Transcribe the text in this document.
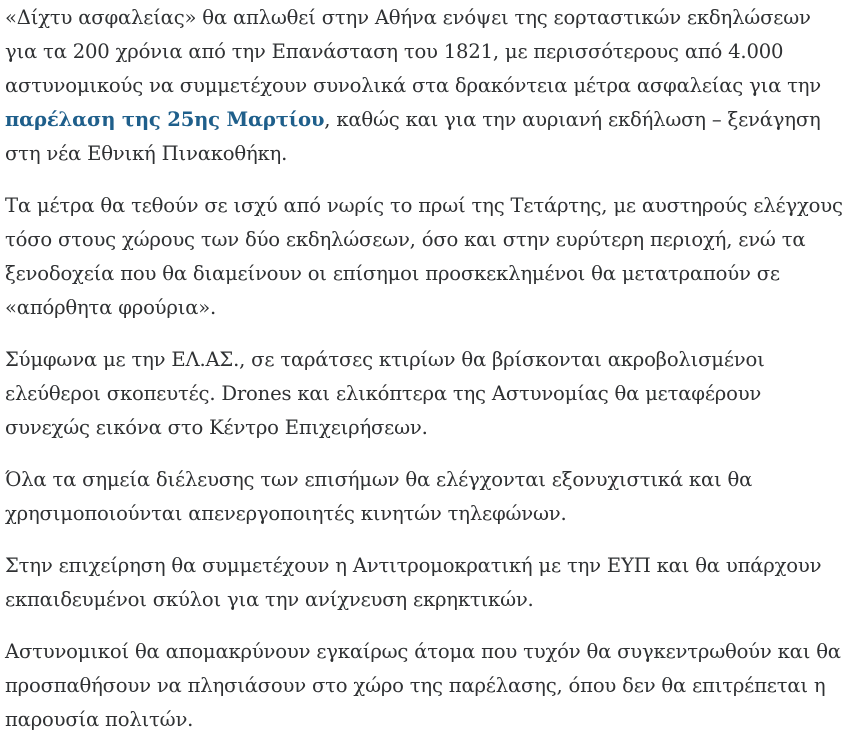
«Δίχτυ ασφαλείας» θα απλωθεί στην Αθήνα ενόψει της εορταστικών εκδηλώσεων για τα 200 χρόνια από την Επανάσταση του 1821, με περισσότερους από 4.000 αστυνομικούς να συμμετέχουν συνολικά στα δρακόντεια μέτρα ασφαλείας για την παρέλαση της 25ης Μαρτίου, καθώς και για την αυριανή εκδήλωση – ξενάγηση στη νέα Εθνική Πινακοθήκη.

Τα μέτρα θα τεθούν σε ισχύ από νωρίς το πρωί της Τετάρτης, με αυστηρούς ελέγχους τόσο στους χώρους των δύο εκδηλώσεων, όσο και στην ευρύτερη περιοχή, ενώ τα ξενοδοχεία που θα διαμείνουν οι επίσημοι προσκεκλημένοι θα μετατραπούν σε «απόρθητα φρούρια».

Σύμφωνα με την ΕΛ.ΑΣ., σε ταράτσες κτιρίων θα βρίσκονται ακροβολισμένοι ελεύθεροι σκοπευτές. Drones και ελικόπτερα της Αστυνομίας θα μεταφέρουν συνεχώς εικόνα στο Κέντρο Επιχειρήσεων.

Όλα τα σημεία διέλευσης των επισήμων θα ελέγχονται εξονυχιστικά και θα χρησιμοποιούνται απενεργοποιητές κινητών τηλεφώνων.

Στην επιχείρηση θα συμμετέχουν η Αντιτρομοκρατική με την ΕΥΠ και θα υπάρχουν εκπαιδευμένοι σκύλοι για την ανίχνευση εκρηκτικών.

Αστυνομικοί θα απομακρύνουν εγκαίρως άτομα που τυχόν θα συγκεντρωθούν και θα προσπαθήσουν να πλησιάσουν στο χώρο της παρέλασης, όπου δεν θα επιτρέπεται η παρουσία πολιτών.
